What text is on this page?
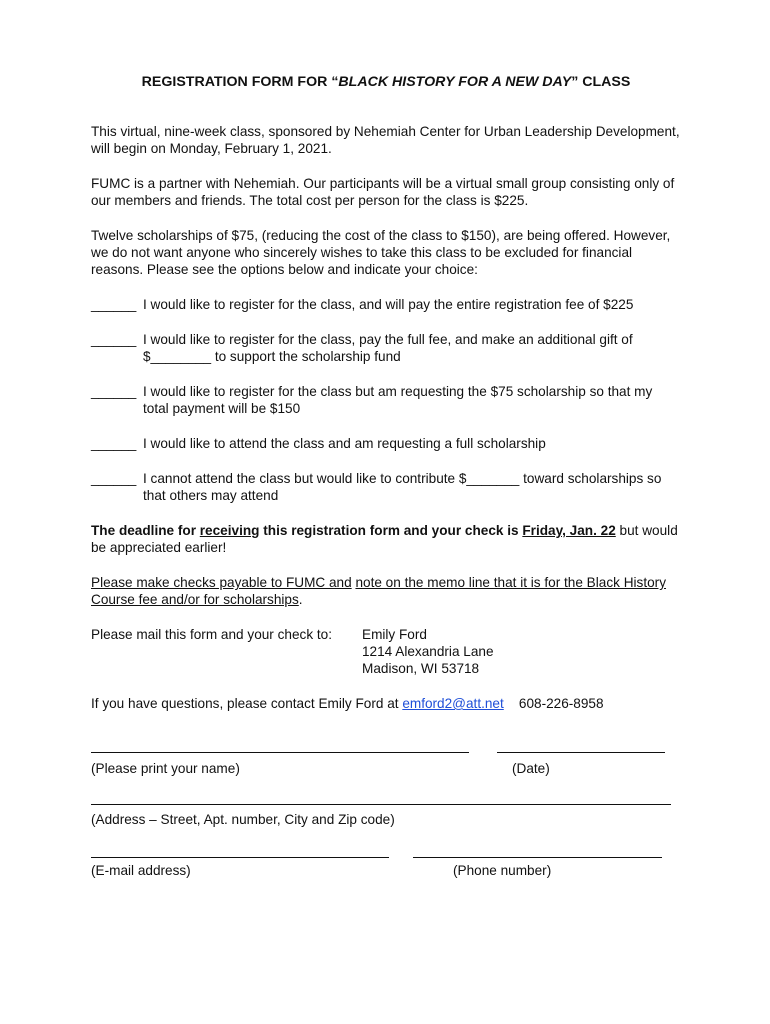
REGISTRATION FORM FOR “BLACK HISTORY FOR A NEW DAY” CLASS

This virtual, nine-week class, sponsored by Nehemiah Center for Urban Leadership Development, will begin on Monday, February 1, 2021.

FUMC is a partner with Nehemiah. Our participants will be a virtual small group consisting only of our members and friends. The total cost per person for the class is $225.

Twelve scholarships of $75, (reducing the cost of the class to $150), are being offered. However, we do not want anyone who sincerely wishes to take this class to be excluded for financial reasons. Please see the options below and indicate your choice:

______ I would like to register for the class, and will pay the entire registration fee of $225
______ I would like to register for the class, pay the full fee, and make an additional gift of $________ to support the scholarship fund
______ I would like to register for the class but am requesting the $75 scholarship so that my total payment will be $150
______ I would like to attend the class and am requesting a full scholarship
______ I cannot attend the class but would like to contribute $_______ toward scholarships so that others may attend

The deadline for receiving this registration form and your check is Friday, Jan. 22 but would be appreciated earlier!

Please make checks payable to FUMC and note on the memo line that it is for the Black History Course fee and/or for scholarships.

Please mail this form and your check to:	Emily Ford
1214 Alexandria Lane
Madison, WI 53718

If you have questions, please contact Emily Ford at emford2@att.net 608-226-8958

(Please print your name)	(Date)
(Address – Street, Apt. number, City and Zip code)
(E-mail address)	(Phone number)
